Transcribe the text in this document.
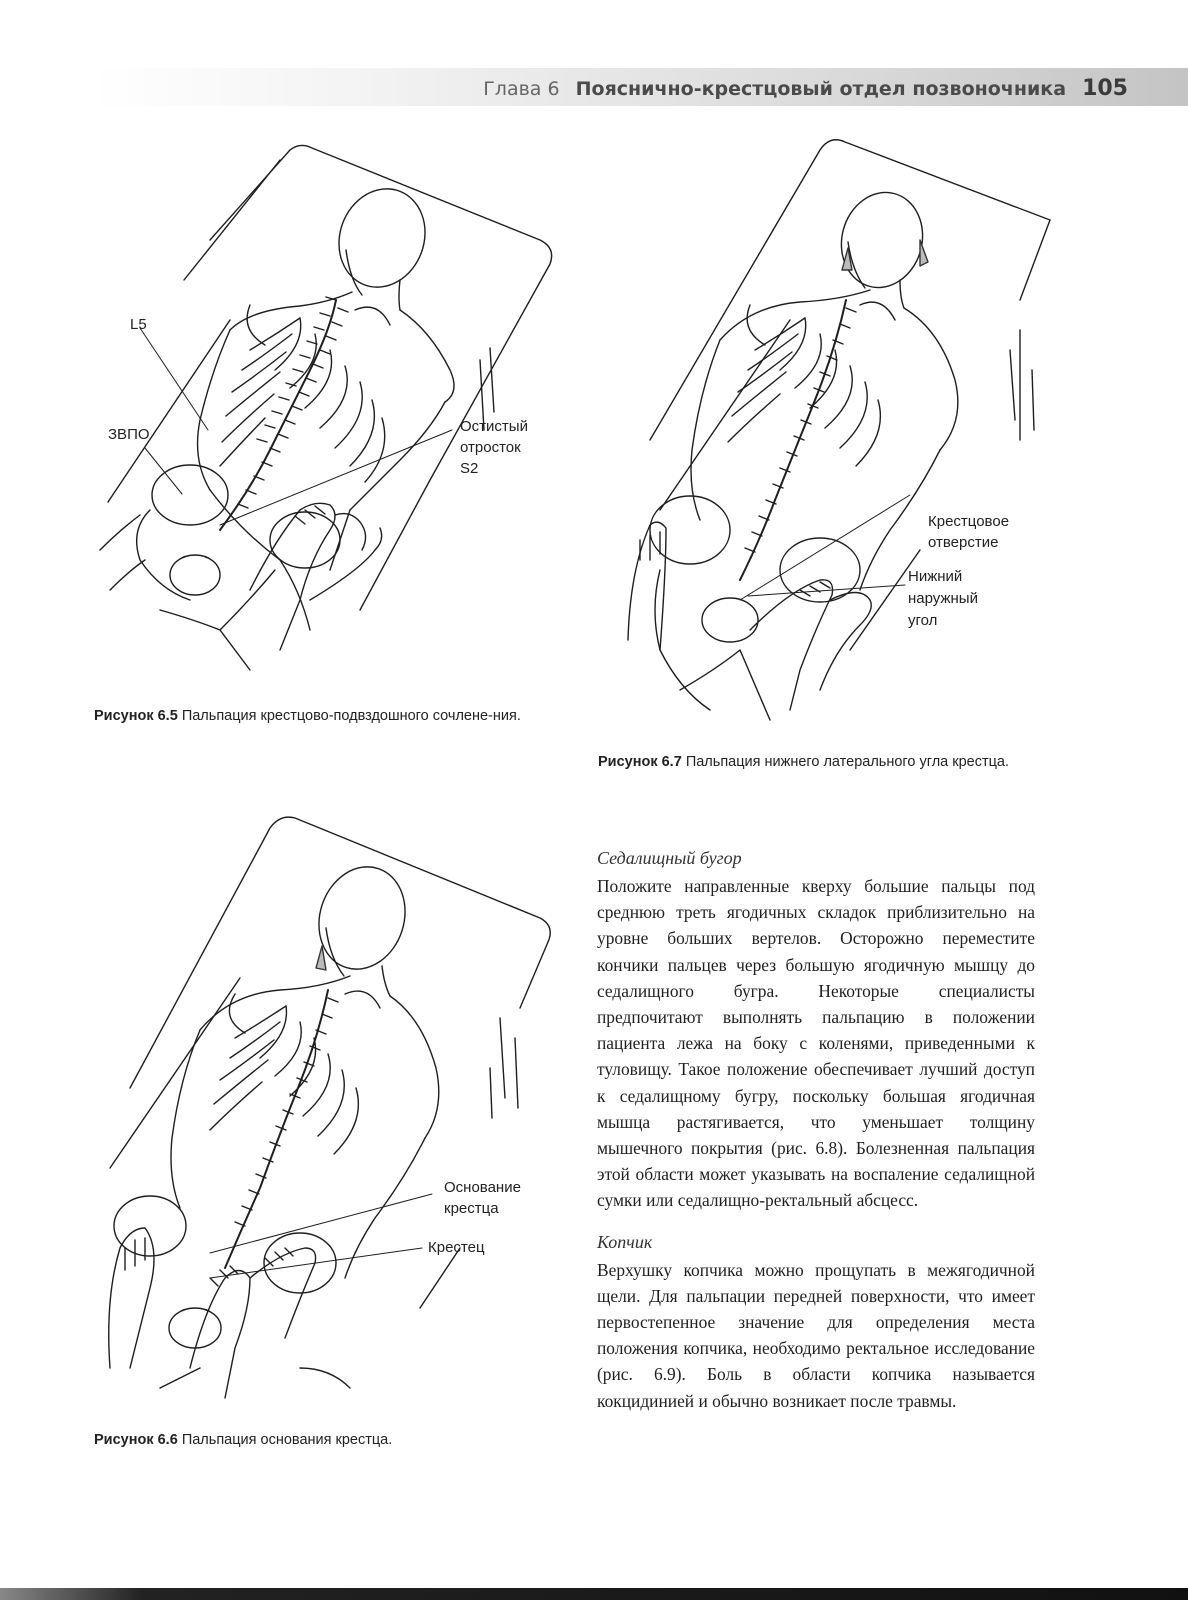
Глава 6 Пояснично-крестцовый отдел позвоночника 105
L5
ЗВПО	Остистый
отросток
S2
Рисунок 6.5 Пальпация крестцово-подвздошного сочлене-ния.
Крестцовое
отверстие
Нижний
наружный
угол
Рисунок 6.7 Пальпация нижнего латерального угла крестца.
Основание
крестца
Крестец
Рисунок 6.6 Пальпация основания крестца.

Седалищный бугор

Положите направленные кверху большие пальцы под среднюю треть ягодичных складок приблизительно на уровне больших вертелов. Осторожно переместите кончики пальцев через большую ягодичную мышцу до седалищного бугра. Некоторые специалисты предпочитают выполнять пальпацию в положении пациента лежа на боку с коленями, приведенными к туловищу. Такое положение обеспечивает лучший доступ к седалищному бугру, поскольку большая ягодичная мышца растягивается, что уменьшает толщину мышечного покрытия (рис. 6.8). Болезненная пальпация этой области может указывать на воспаление седалищной сумки или седалищно-ректальный абсцесс.

Копчик

Верхушку копчика можно прощупать в межягодичной щели. Для пальпации передней поверхности, что имеет первостепенное значение для определения места положения копчика, необходимо ректальное исследование (рис. 6.9). Боль в области копчика называется кокцидинией и обычно возникает после травмы.
